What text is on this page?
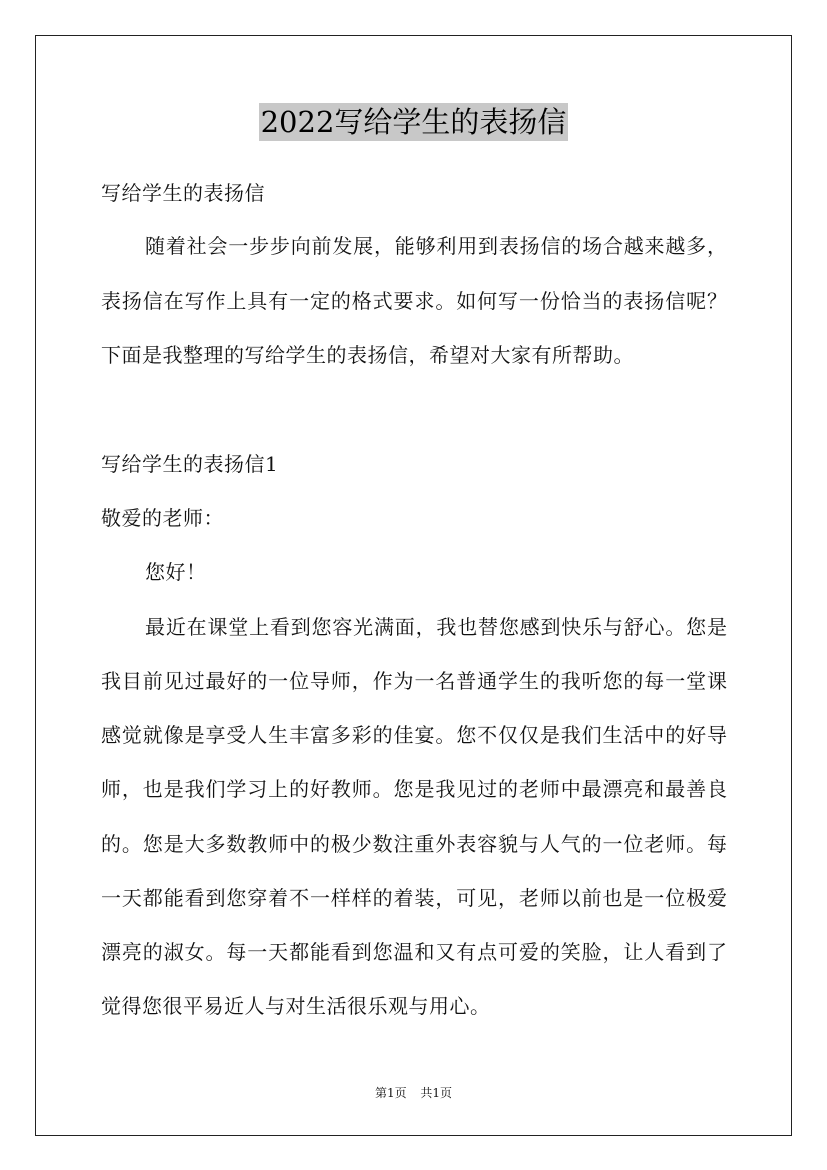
2022写给学生的表扬信
写给学生的表扬信
随着社会一步步向前发展，能够利用到表扬信的场合越来越多，
表扬信在写作上具有一定的格式要求。如何写一份恰当的表扬信呢？
下面是我整理的写给学生的表扬信，希望对大家有所帮助。
写给学生的表扬信1
敬爱的老师：
您好！
最近在课堂上看到您容光满面，我也替您感到快乐与舒心。您是
我目前见过最好的一位导师，作为一名普通学生的我听您的每一堂课
感觉就像是享受人生丰富多彩的佳宴。您不仅仅是我们生活中的好导
师，也是我们学习上的好教师。您是我见过的老师中最漂亮和最善良
的。您是大多数教师中的极少数注重外表容貌与人气的一位老师。每
一天都能看到您穿着不一样样的着装，可见，老师以前也是一位极爱
漂亮的淑女。每一天都能看到您温和又有点可爱的笑脸，让人看到了
觉得您很平易近人与对生活很乐观与用心。
第1页 共1页
